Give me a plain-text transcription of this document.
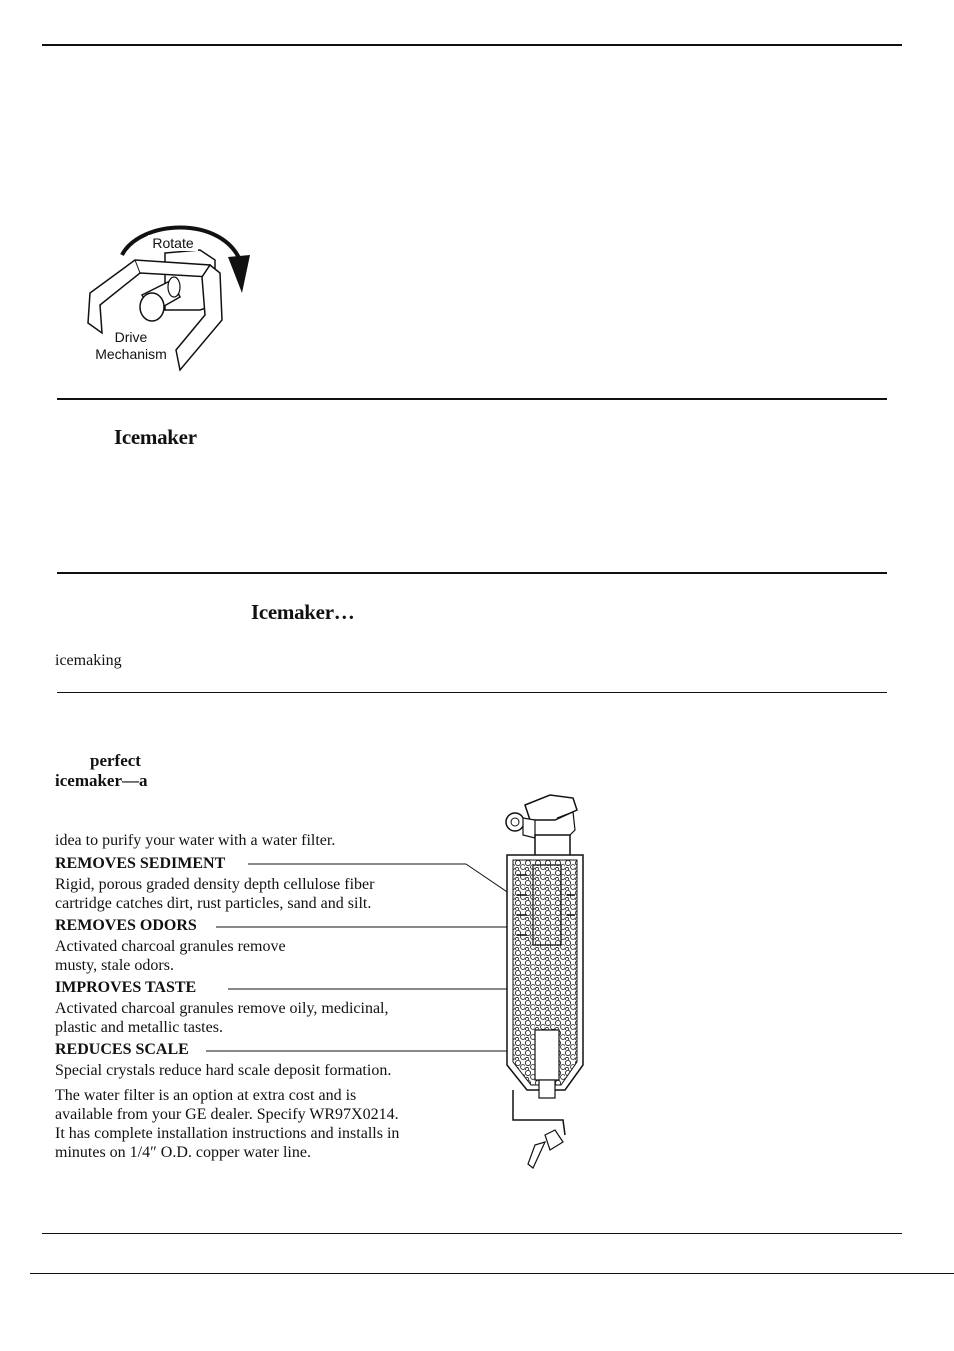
Rotate
Drive
Mechanism
Icemaker
Icemaker…

icemaking

perfect
icemaker—a

idea to purify your water with a water filter.

REMOVES SEDIMENT
Rigid, porous graded density depth cellulose fiber
cartridge catches dirt, rust particles, sand and silt.
REMOVES ODORS
Activated charcoal granules remove
musty, stale odors.
IMPROVES TASTE
Activated charcoal granules remove oily, medicinal,
plastic and metallic tastes.
REDUCES SCALE
Special crystals reduce hard scale deposit formation.
The water filter is an option at extra cost and is
available from your GE dealer. Specify WR97X0214.
It has complete installation instructions and installs in
minutes on 1/4″ O.D. copper water line.
